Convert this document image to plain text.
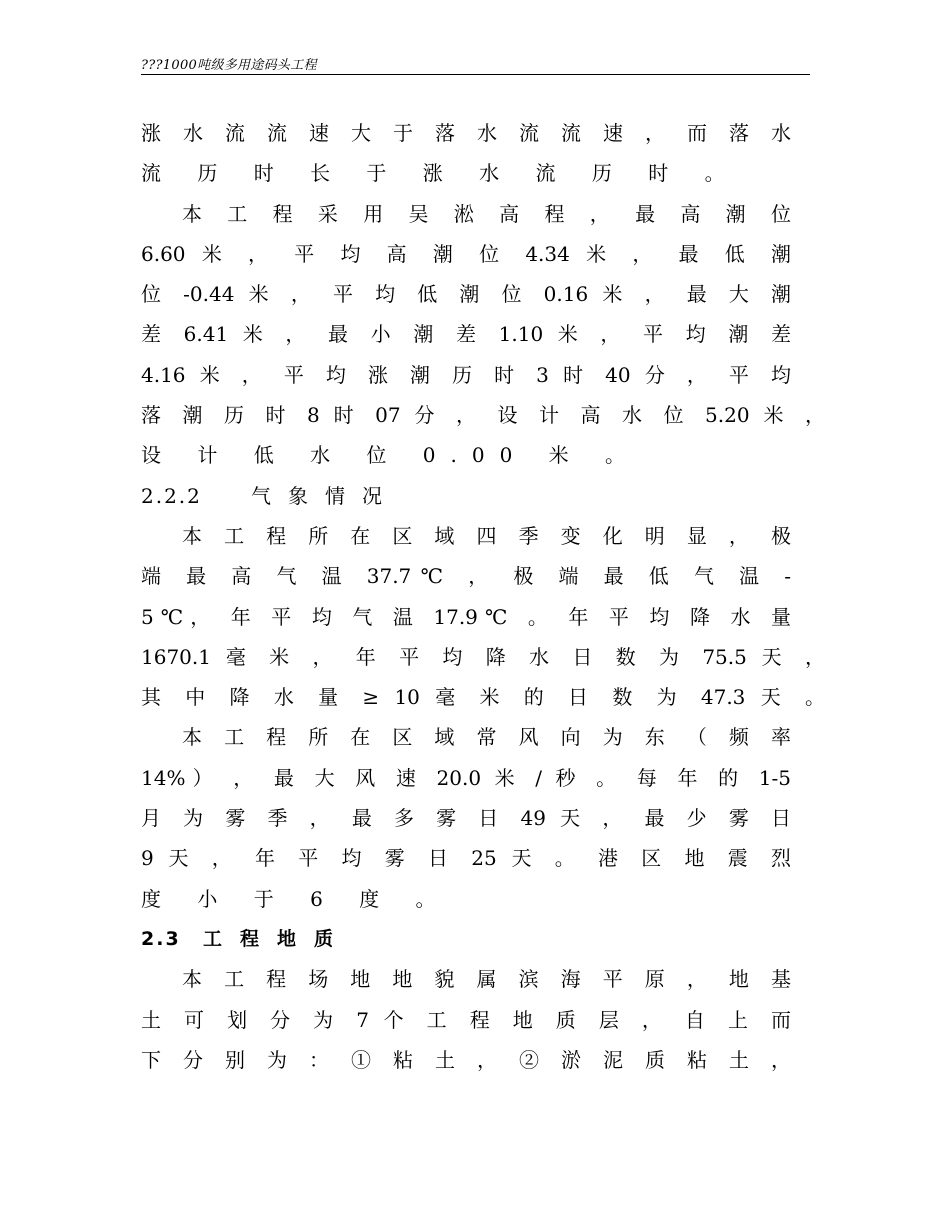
???1000吨级多用途码头工程
涨 水 流 流 速 大 于 落 水 流 流 速 ， 而 落 水
流 历 时 长 于 涨 水 流 历 时 。
本 工 程 采 用 吴 淞 高 程 ， 最 高 潮 位
6.60 米 ， 平 均 高 潮 位 4.34 米 ， 最 低 潮
位 -0.44 米 ， 平 均 低 潮 位 0.16 米 ， 最 大 潮
差 6.41 米 ， 最 小 潮 差 1.10 米 ， 平 均 潮 差
4.16 米 ， 平 均 涨 潮 历 时 3 时 40 分 ， 平 均
落 潮 历 时 8 时 07 分 ， 设 计 高 水 位 5.20 米 ，
设 计 低 水 位 0.00 米 。
2.2.2 气象情况
本 工 程 所 在 区 域 四 季 变 化 明 显 ， 极
端 最 高 气 温 37.7℃ ， 极 端 最 低 气 温 -
5℃， 年 平 均 气 温 17.9℃ 。 年 平 均 降 水 量
1670.1 毫 米 ， 年 平 均 降 水 日 数 为 75.5 天 ，
其 中 降 水 量 ≥ 10 毫 米 的 日 数 为 47.3 天 。
本 工 程 所 在 区 域 常 风 向 为 东 （ 频 率
14%） ， 最 大 风 速 20.0 米 / 秒 。 每 年 的 1-5
月 为 雾 季 ， 最 多 雾 日 49 天 ， 最 少 雾 日
9 天 ， 年 平 均 雾 日 25 天 。 港 区 地 震 烈
度 小 于 6 度 。
2.3 工程地质
本 工 程 场 地 地 貌 属 滨 海 平 原 ， 地 基
土 可 划 分 为 7 个 工 程 地 质 层 ， 自 上 而
下 分 别 为 ： ① 粘 土 ， ② 淤 泥 质 粘 土 ，
